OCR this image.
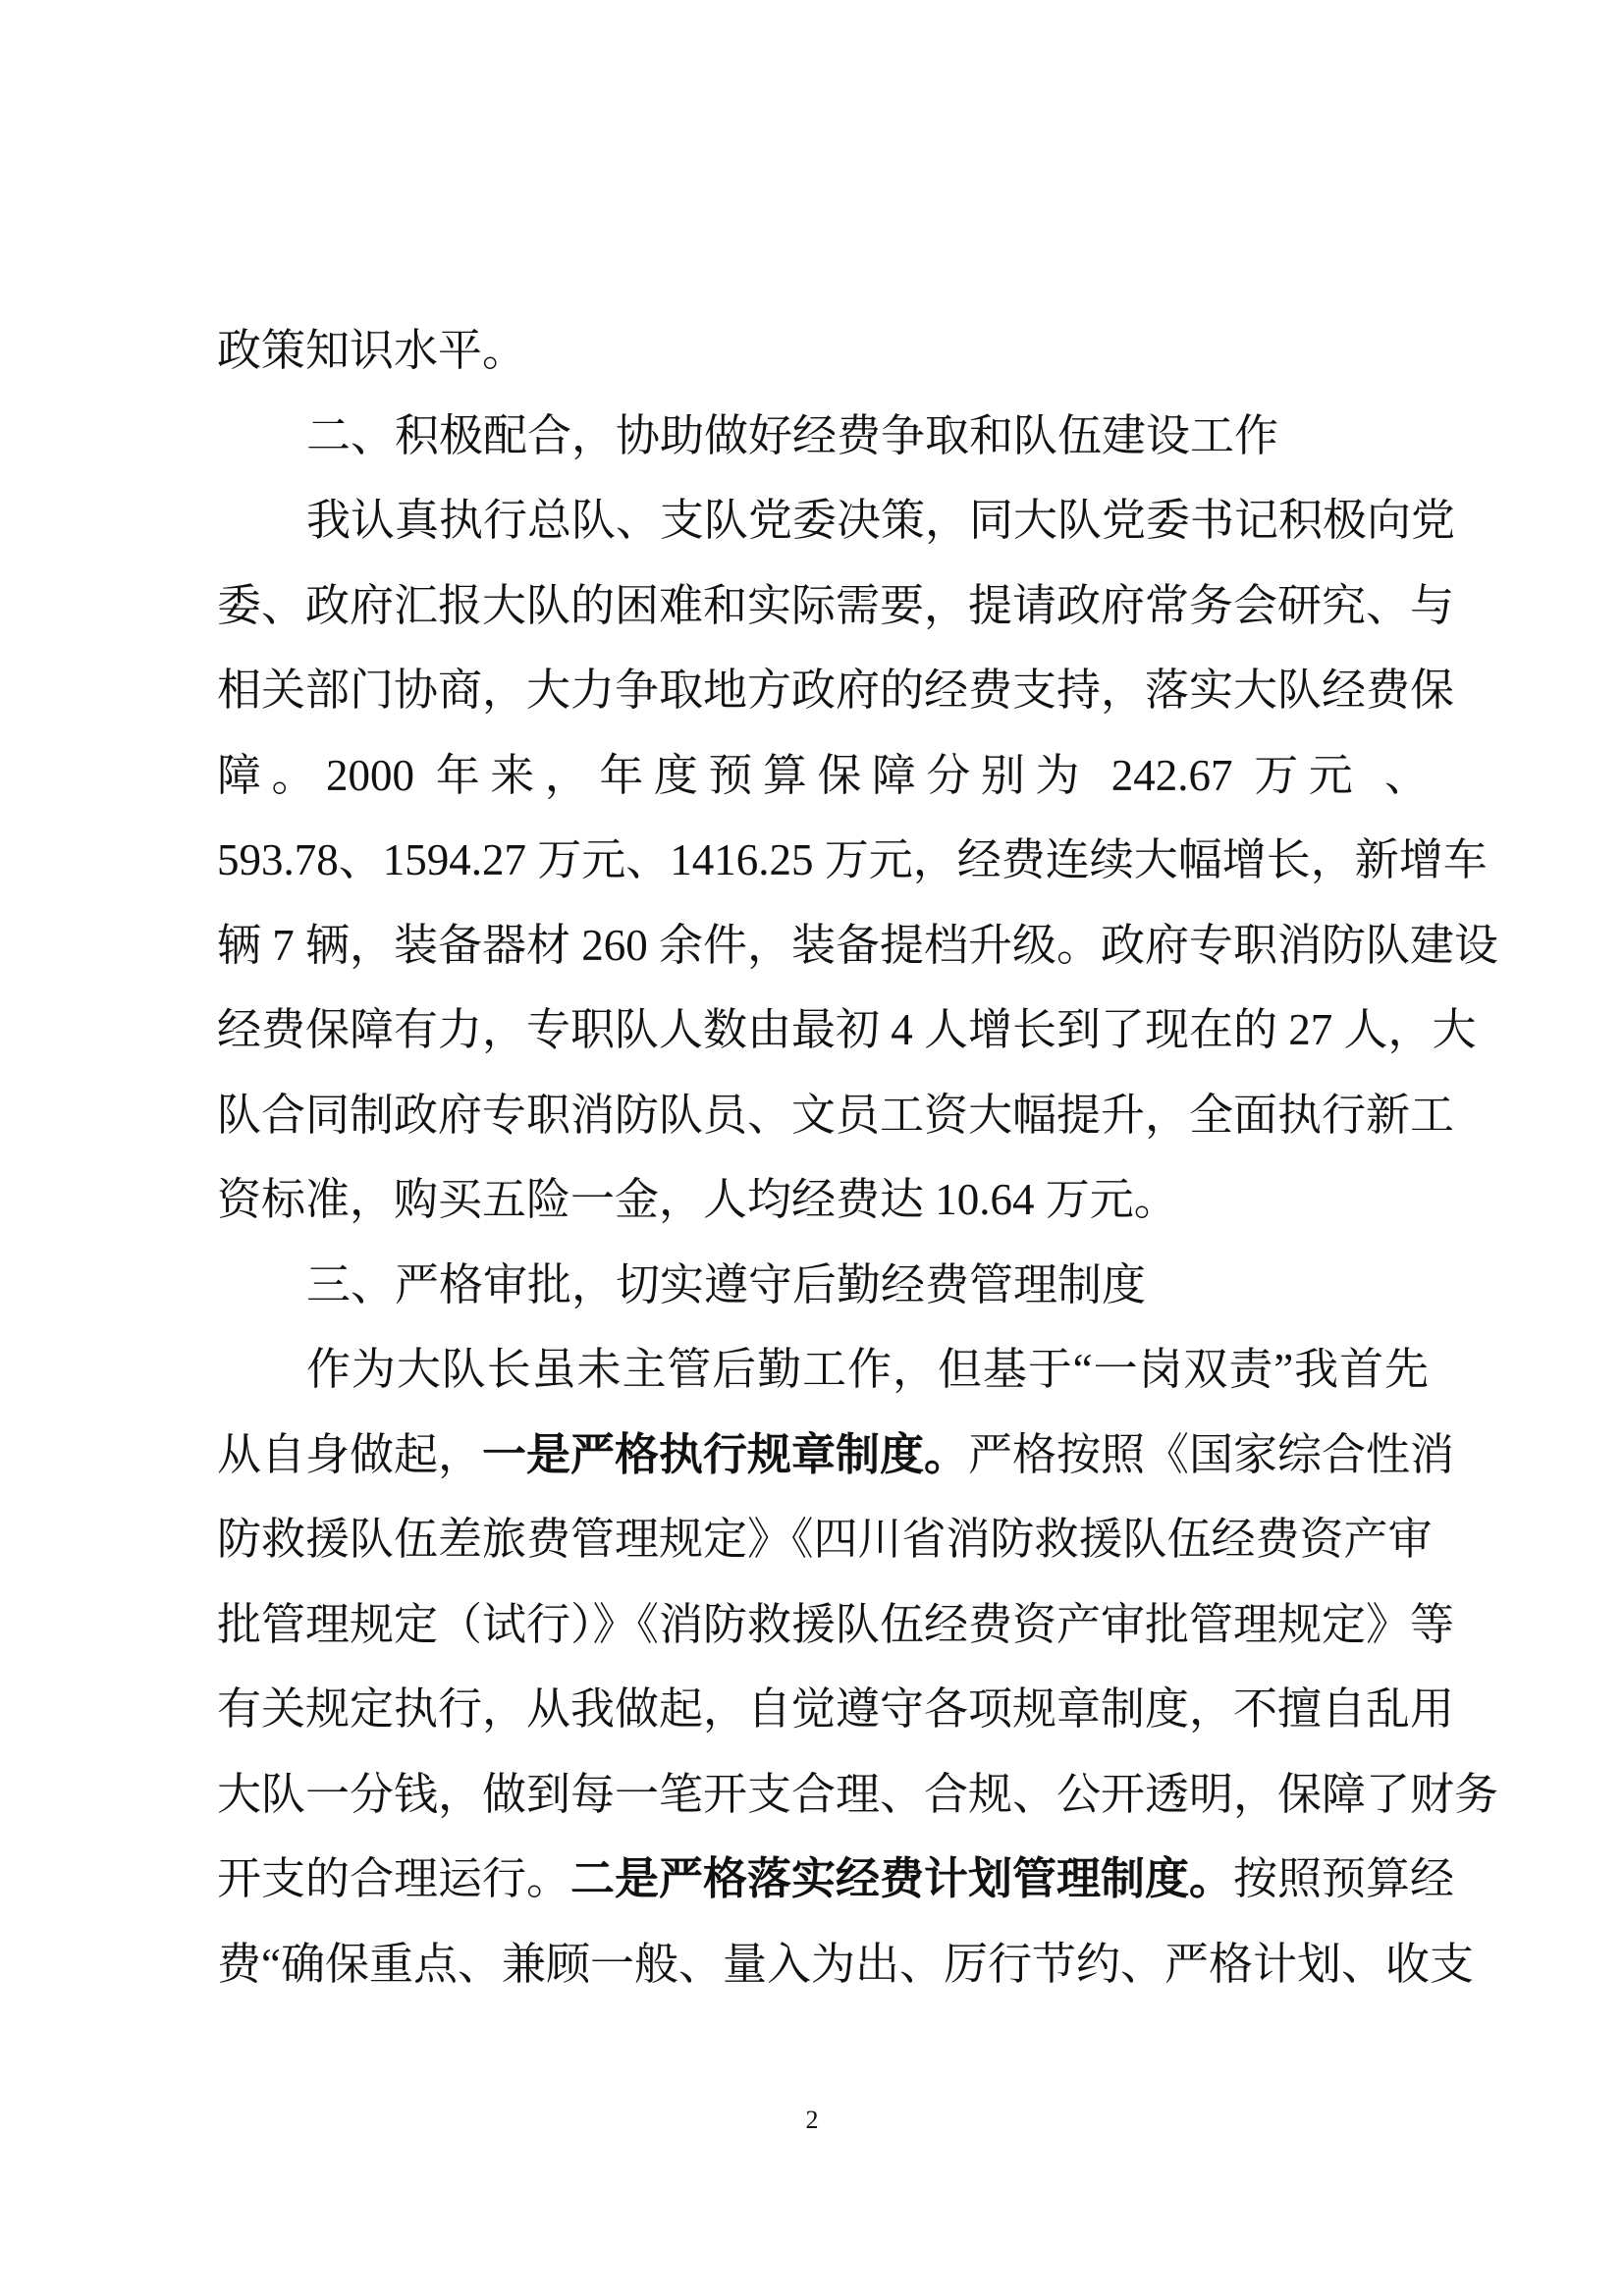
政策知识水平。
二、积极配合，协助做好经费争取和队伍建设工作
我认真执行总队、支队党委决策，同大队党委书记积极向党
委、政府汇报大队的困难和实际需要，提请政府常务会研究、与
相关部门协商，大力争取地方政府的经费支持，落实大队经费保
障。2000 年来，年度预算保障分别为 242.67 万元 、
593.78、1594.27 万元、1416.25 万元，经费连续大幅增长，新增车
辆 7 辆，装备器材 260 余件，装备提档升级。政府专职消防队建设
经费保障有力，专职队人数由最初 4 人增长到了现在的 27 人，大
队合同制政府专职消防队员、文员工资大幅提升，全面执行新工
资标准，购买五险一金，人均经费达 10.64 万元。
三、严格审批，切实遵守后勤经费管理制度
作为大队长虽未主管后勤工作，但基于“一岗双责”我首先
从自身做起，一是严格执行规章制度。严格按照《国家综合性消
防救援队伍差旅费管理规定》《四川省消防救援队伍经费资产审
批管理规定（试行）》《消防救援队伍经费资产审批管理规定》等
有关规定执行，从我做起，自觉遵守各项规章制度，不擅自乱用
大队一分钱，做到每一笔开支合理、合规、公开透明，保障了财务
开支的合理运行。二是严格落实经费计划管理制度。按照预算经
费“确保重点、兼顾一般、量入为出、厉行节约、严格计划、收支
2
